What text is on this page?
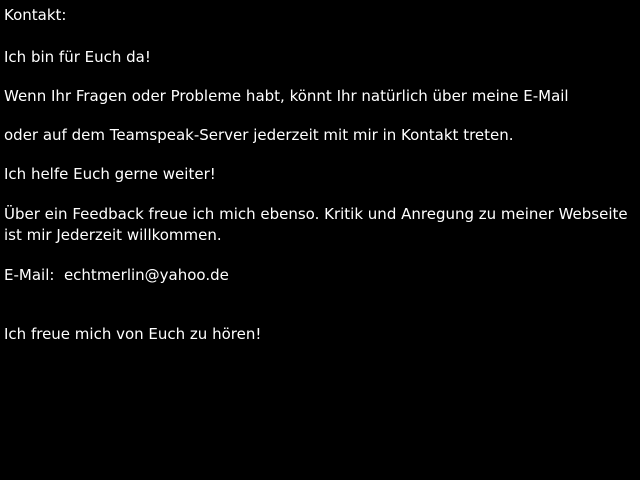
Kontakt:
Ich bin für Euch da!
Wenn Ihr Fragen oder Probleme habt, könnt Ihr natürlich über meine E-Mail
oder auf dem Teamspeak-Server jederzeit mit mir in Kontakt treten.
Ich helfe Euch gerne weiter!
Über ein Feedback freue ich mich ebenso. Kritik und Anregung zu meiner Webseite ist mir Jederzeit willkommen.
E-Mail:  echtmerlin@yahoo.de
Ich freue mich von Euch zu hören!
